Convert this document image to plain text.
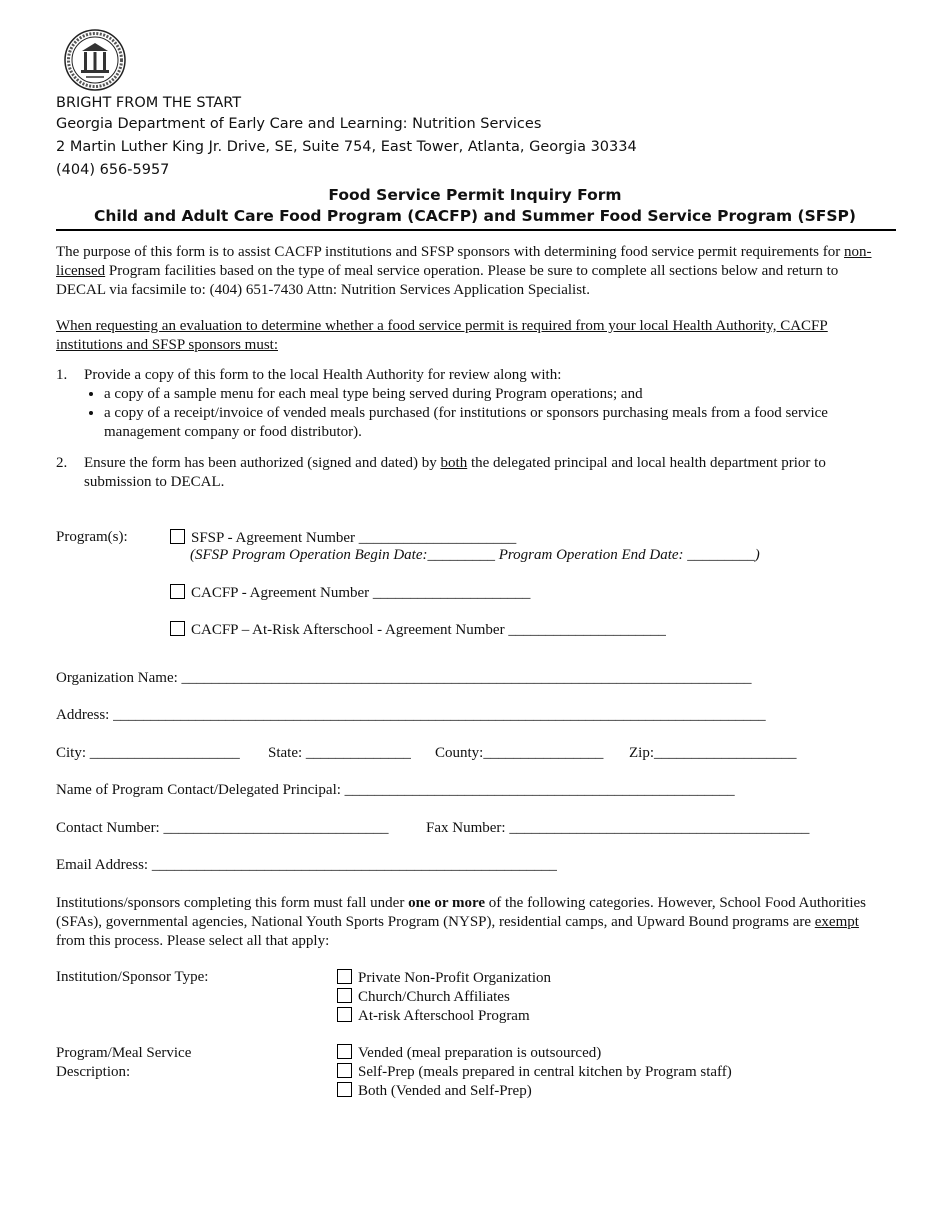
BRIGHT FROM THE START
Georgia Department of Early Care and Learning: Nutrition Services
2 Martin Luther King Jr. Drive, SE, Suite 754, East Tower, Atlanta, Georgia 30334
(404) 656-5957
Food Service Permit Inquiry Form
Child and Adult Care Food Program (CACFP) and Summer Food Service Program (SFSP)
The purpose of this form is to assist CACFP institutions and SFSP sponsors with determining food service permit requirements for non-licensed Program facilities based on the type of meal service operation. Please be sure to complete all sections below and return to DECAL via facsimile to: (404) 651-7430 Attn: Nutrition Services Application Specialist.
When requesting an evaluation to determine whether a food service permit is required from your local Health Authority, CACFP institutions and SFSP sponsors must:
1. Provide a copy of this form to the local Health Authority for review along with:
• a copy of a sample menu for each meal type being served during Program operations; and
• a copy of a receipt/invoice of vended meals purchased (for institutions or sponsors purchasing meals from a food service management company or food distributor).
2. Ensure the form has been authorized (signed and dated) by both the delegated principal and local health department prior to submission to DECAL.
Program(s):	SFSP - Agreement Number _____________________
(SFSP Program Operation Begin Date:_________ Program Operation End Date: _________)
CACFP - Agreement Number _____________________
CACFP – At-Risk Afterschool - Agreement Number _____________________
Organization Name: ____________________________________________________________________________
Address: _______________________________________________________________________________________
City: ____________________ State: ______________ County:________________ Zip:___________________
Name of Program Contact/Delegated Principal: ____________________________________________________
Contact Number: ______________________________	Fax Number: ________________________________________
Email Address: ______________________________________________________
Institutions/sponsors completing this form must fall under one or more of the following categories. However, School Food Authorities (SFAs), governmental agencies, National Youth Sports Program (NYSP), residential camps, and Upward Bound programs are exempt from this process. Please select all that apply:
Institution/Sponsor Type:	Private Non-Profit Organization
Church/Church Affiliates
At-risk Afterschool Program
Program/Meal Service
Description:
Vended (meal preparation is outsourced)
Self-Prep (meals prepared in central kitchen by Program staff)
Both (Vended and Self-Prep)
